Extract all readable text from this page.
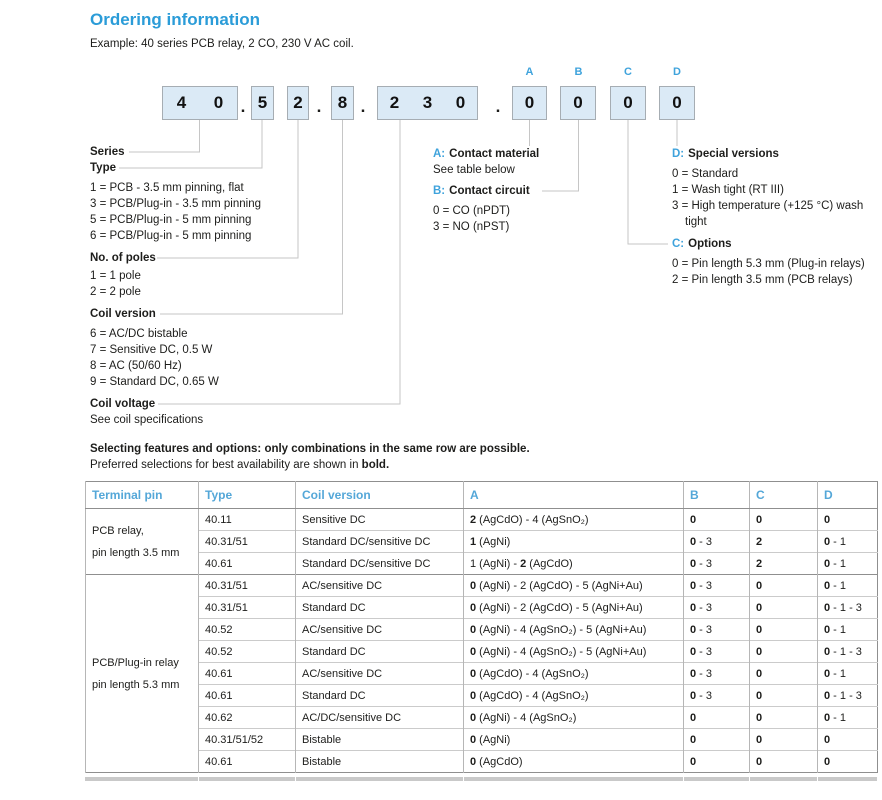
Ordering information
Example: 40 series PCB relay, 2 CO, 230 V AC coil.
A	B	C	D
4 0 . 5 2 . 8 . 2 3 0 . 0 0 0 0
Series
Type
1 = PCB - 3.5 mm pinning, flat
3 = PCB/Plug-in - 3.5 mm pinning
5 = PCB/Plug-in - 5 mm pinning
6 = PCB/Plug-in - 5 mm pinning
No. of poles
1 = 1 pole
2 = 2 pole
Coil version
6 = AC/DC bistable
7 = Sensitive DC, 0.5 W
8 = AC (50/60 Hz)
9 = Standard DC, 0.65 W
Coil voltage
See coil specifications
A: Contact material
See table below
B: Contact circuit
0 = CO (nPDT)
3 = NO (nPST)
D: Special versions
0 = Standard
1 = Wash tight (RT III)
3 = High temperature (+125 °C) wash
tight
C: Options
0 = Pin length 5.3 mm (Plug-in relays)
2 = Pin length 3.5 mm (PCB relays)
Selecting features and options: only combinations in the same row are possible.
Preferred selections for best availability are shown in bold.
Terminal pin	Type	Coil version	A	B	C	D

PCB relay,
pin length 3.5 mm	40.11	Sensitive DC	2 (AgCdO) - 4 (AgSnO₂)	0	0	0
	40.31/51	Standard DC/sensitive DC	1 (AgNi)	0 - 3	2	0 - 1
	40.61	Standard DC/sensitive DC	1 (AgNi) - 2 (AgCdO)	0 - 3	2	0 - 1

PCB/Plug-in relay
pin length 5.3 mm	40.31/51	AC/sensitive DC	0 (AgNi) - 2 (AgCdO) - 5 (AgNi+Au)	0 - 3	0	0 - 1
	40.31/51	Standard DC	0 (AgNi) - 2 (AgCdO) - 5 (AgNi+Au)	0 - 3	0	0 - 1 - 3
	40.52	AC/sensitive DC	0 (AgNi) - 4 (AgSnO₂) - 5 (AgNi+Au)	0 - 3	0	0 - 1
	40.52	Standard DC	0 (AgNi) - 4 (AgSnO₂) - 5 (AgNi+Au)	0 - 3	0	0 - 1 - 3
	40.61	AC/sensitive DC	0 (AgCdO) - 4 (AgSnO₂)	0 - 3	0	0 - 1
	40.61	Standard DC	0 (AgCdO) - 4 (AgSnO₂)	0 - 3	0	0 - 1 - 3
	40.62	AC/DC/sensitive DC	0 (AgNi) - 4 (AgSnO₂)	0	0	0 - 1
	40.31/51/52	Bistable	0 (AgNi)	0	0	0
	40.61	Bistable	0 (AgCdO)	0	0	0
